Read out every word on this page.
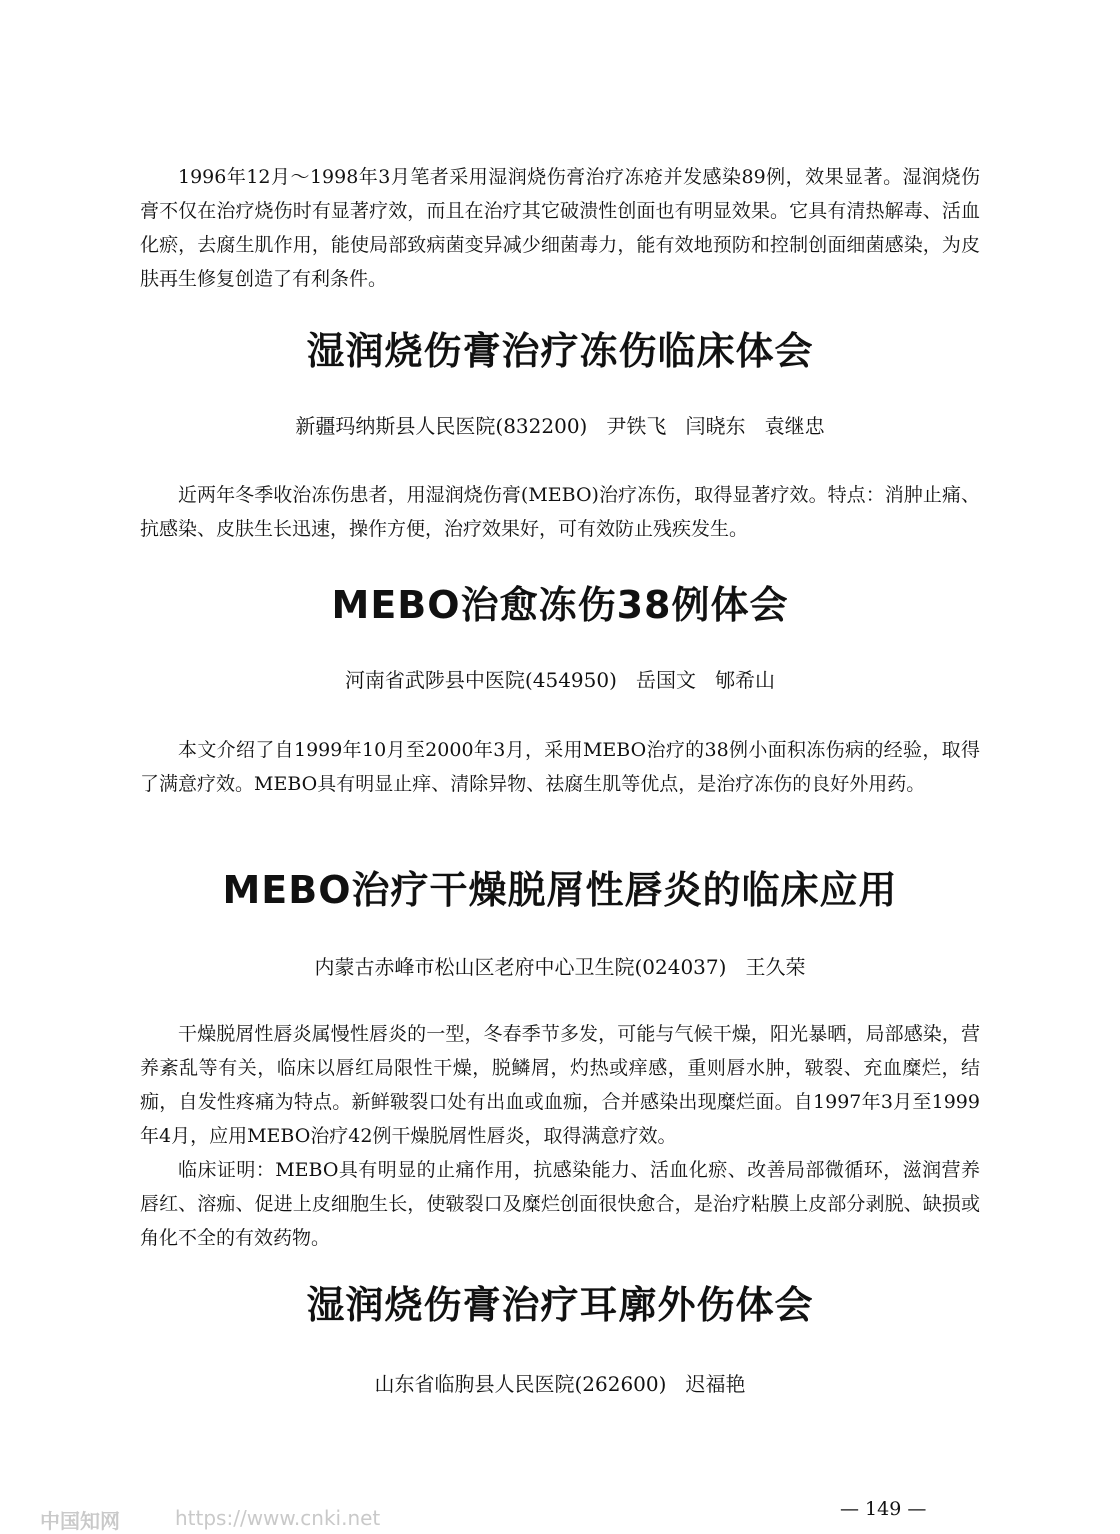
1996年12月～1998年3月笔者采用湿润烧伤膏治疗冻疮并发感染89例，效果显著。湿润烧伤膏不仅在治疗烧伤时有显著疗效，而且在治疗其它破溃性创面也有明显效果。它具有清热解毒、活血化瘀，去腐生肌作用，能使局部致病菌变异减少细菌毒力，能有效地预防和控制创面细菌感染，为皮肤再生修复创造了有利条件。

湿润烧伤膏治疗冻伤临床体会
新疆玛纳斯县人民医院(832200)   尹铁飞   闫晓东   袁继忠

近两年冬季收治冻伤患者，用湿润烧伤膏(MEBO)治疗冻伤，取得显著疗效。特点：消肿止痛、抗感染、皮肤生长迅速，操作方便，治疗效果好，可有效防止残疾发生。

MEBO治愈冻伤38例体会
河南省武陟县中医院(454950)   岳国文   郇希山

本文介绍了自1999年10月至2000年3月，采用MEBO治疗的38例小面积冻伤病的经验，取得了满意疗效。MEBO具有明显止痒、清除异物、祛腐生肌等优点，是治疗冻伤的良好外用药。

MEBO治疗干燥脱屑性唇炎的临床应用
内蒙古赤峰市松山区老府中心卫生院(024037)   王久荣

干燥脱屑性唇炎属慢性唇炎的一型，冬春季节多发，可能与气候干燥，阳光暴晒，局部感染，营养紊乱等有关，临床以唇红局限性干燥，脱鳞屑，灼热或痒感，重则唇水肿，皲裂、充血糜烂，结痂，自发性疼痛为特点。新鲜皲裂口处有出血或血痂，合并感染出现糜烂面。自1997年3月至1999年4月，应用MEBO治疗42例干燥脱屑性唇炎，取得满意疗效。

临床证明：MEBO具有明显的止痛作用，抗感染能力、活血化瘀、改善局部微循环，滋润营养唇红、溶痂、促进上皮细胞生长，使皲裂口及糜烂创面很快愈合，是治疗粘膜上皮部分剥脱、缺损或角化不全的有效药物。

湿润烧伤膏治疗耳廓外伤体会
山东省临朐县人民医院(262600)   迟福艳
— 149 —
中国知网	https://www.cnki.net
